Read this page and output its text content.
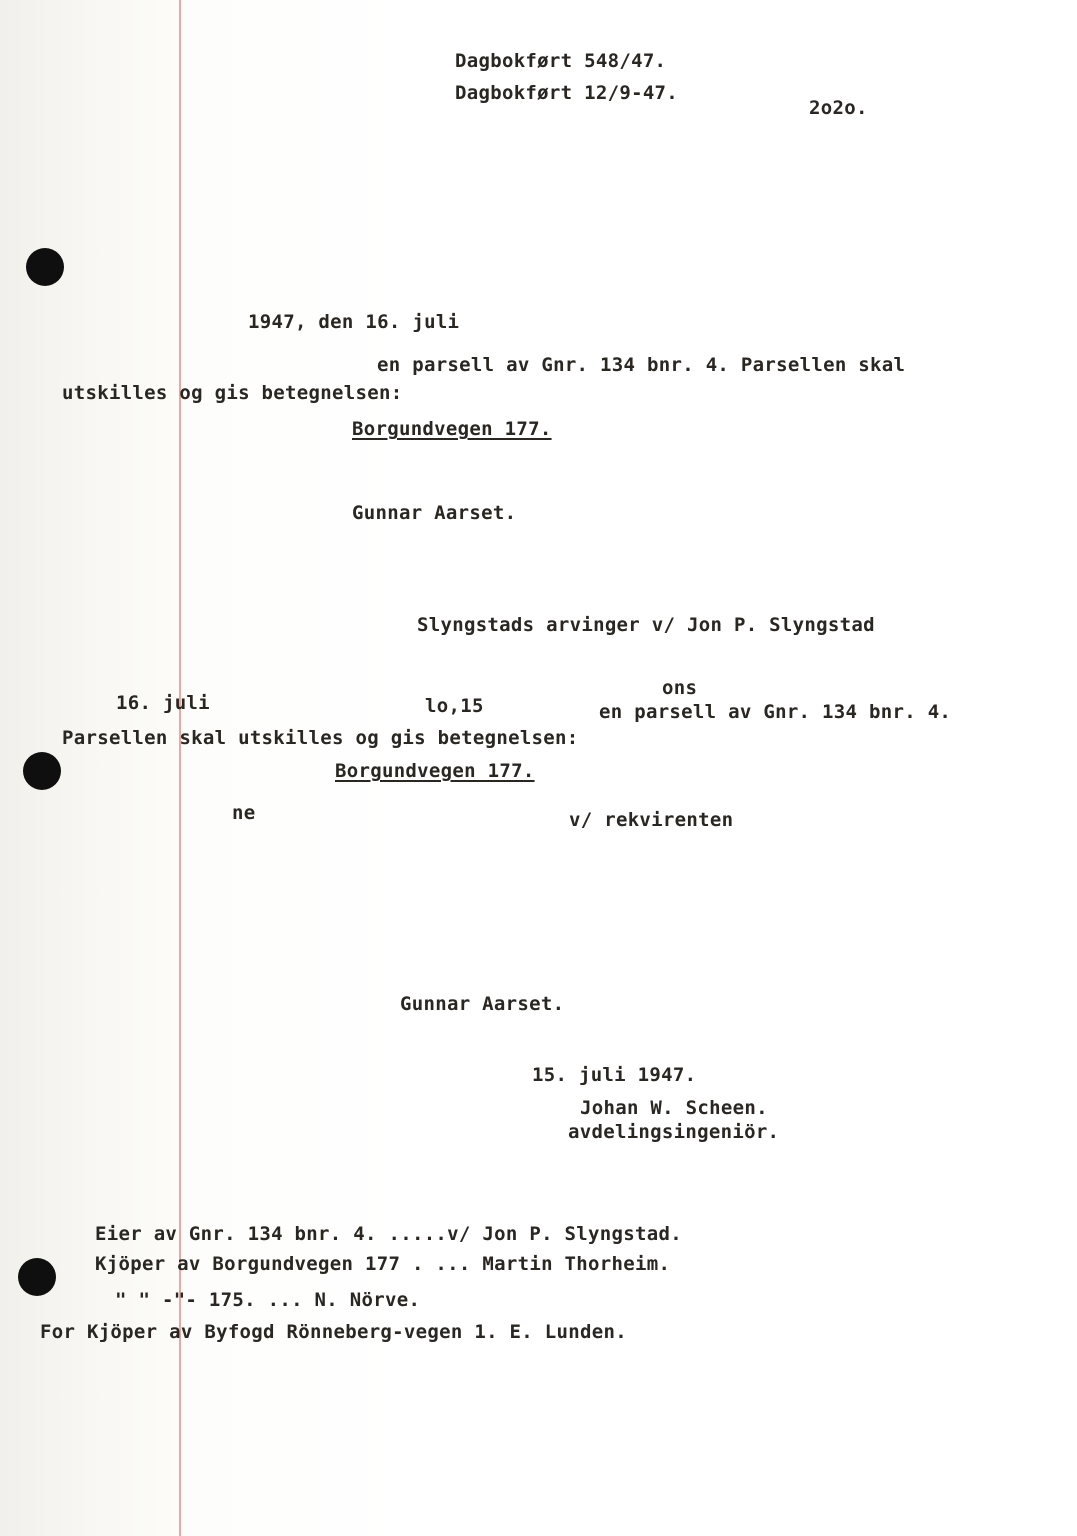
Dagbokført 548/47.
Dagbokført 12/9-47.
2o2o.
1947, den 16. juli
en parsell av Gnr. 134 bnr. 4. Parsellen skal
utskilles og gis betegnelsen:
Borgundvegen 177.
Gunnar Aarset.
Slyngstads arvinger v/ Jon P. Slyngstad
16. juli	lo,15
ons
en parsell av Gnr. 134 bnr. 4.
Parsellen skal utskilles og gis betegnelsen:
Borgundvegen 177.
ne	v/ rekvirenten
Gunnar Aarset.
15. juli 1947.
Johan W. Scheen.
avdelingsingeniör.
Eier av Gnr. 134 bnr. 4. .....v/ Jon P. Slyngstad.
Kjöper av Borgundvegen 177 . ... Martin Thorheim.
" " -"- 175. ... N. Nörve.
For Kjöper av Byfogd Rönneberg-vegen 1. E. Lunden.
